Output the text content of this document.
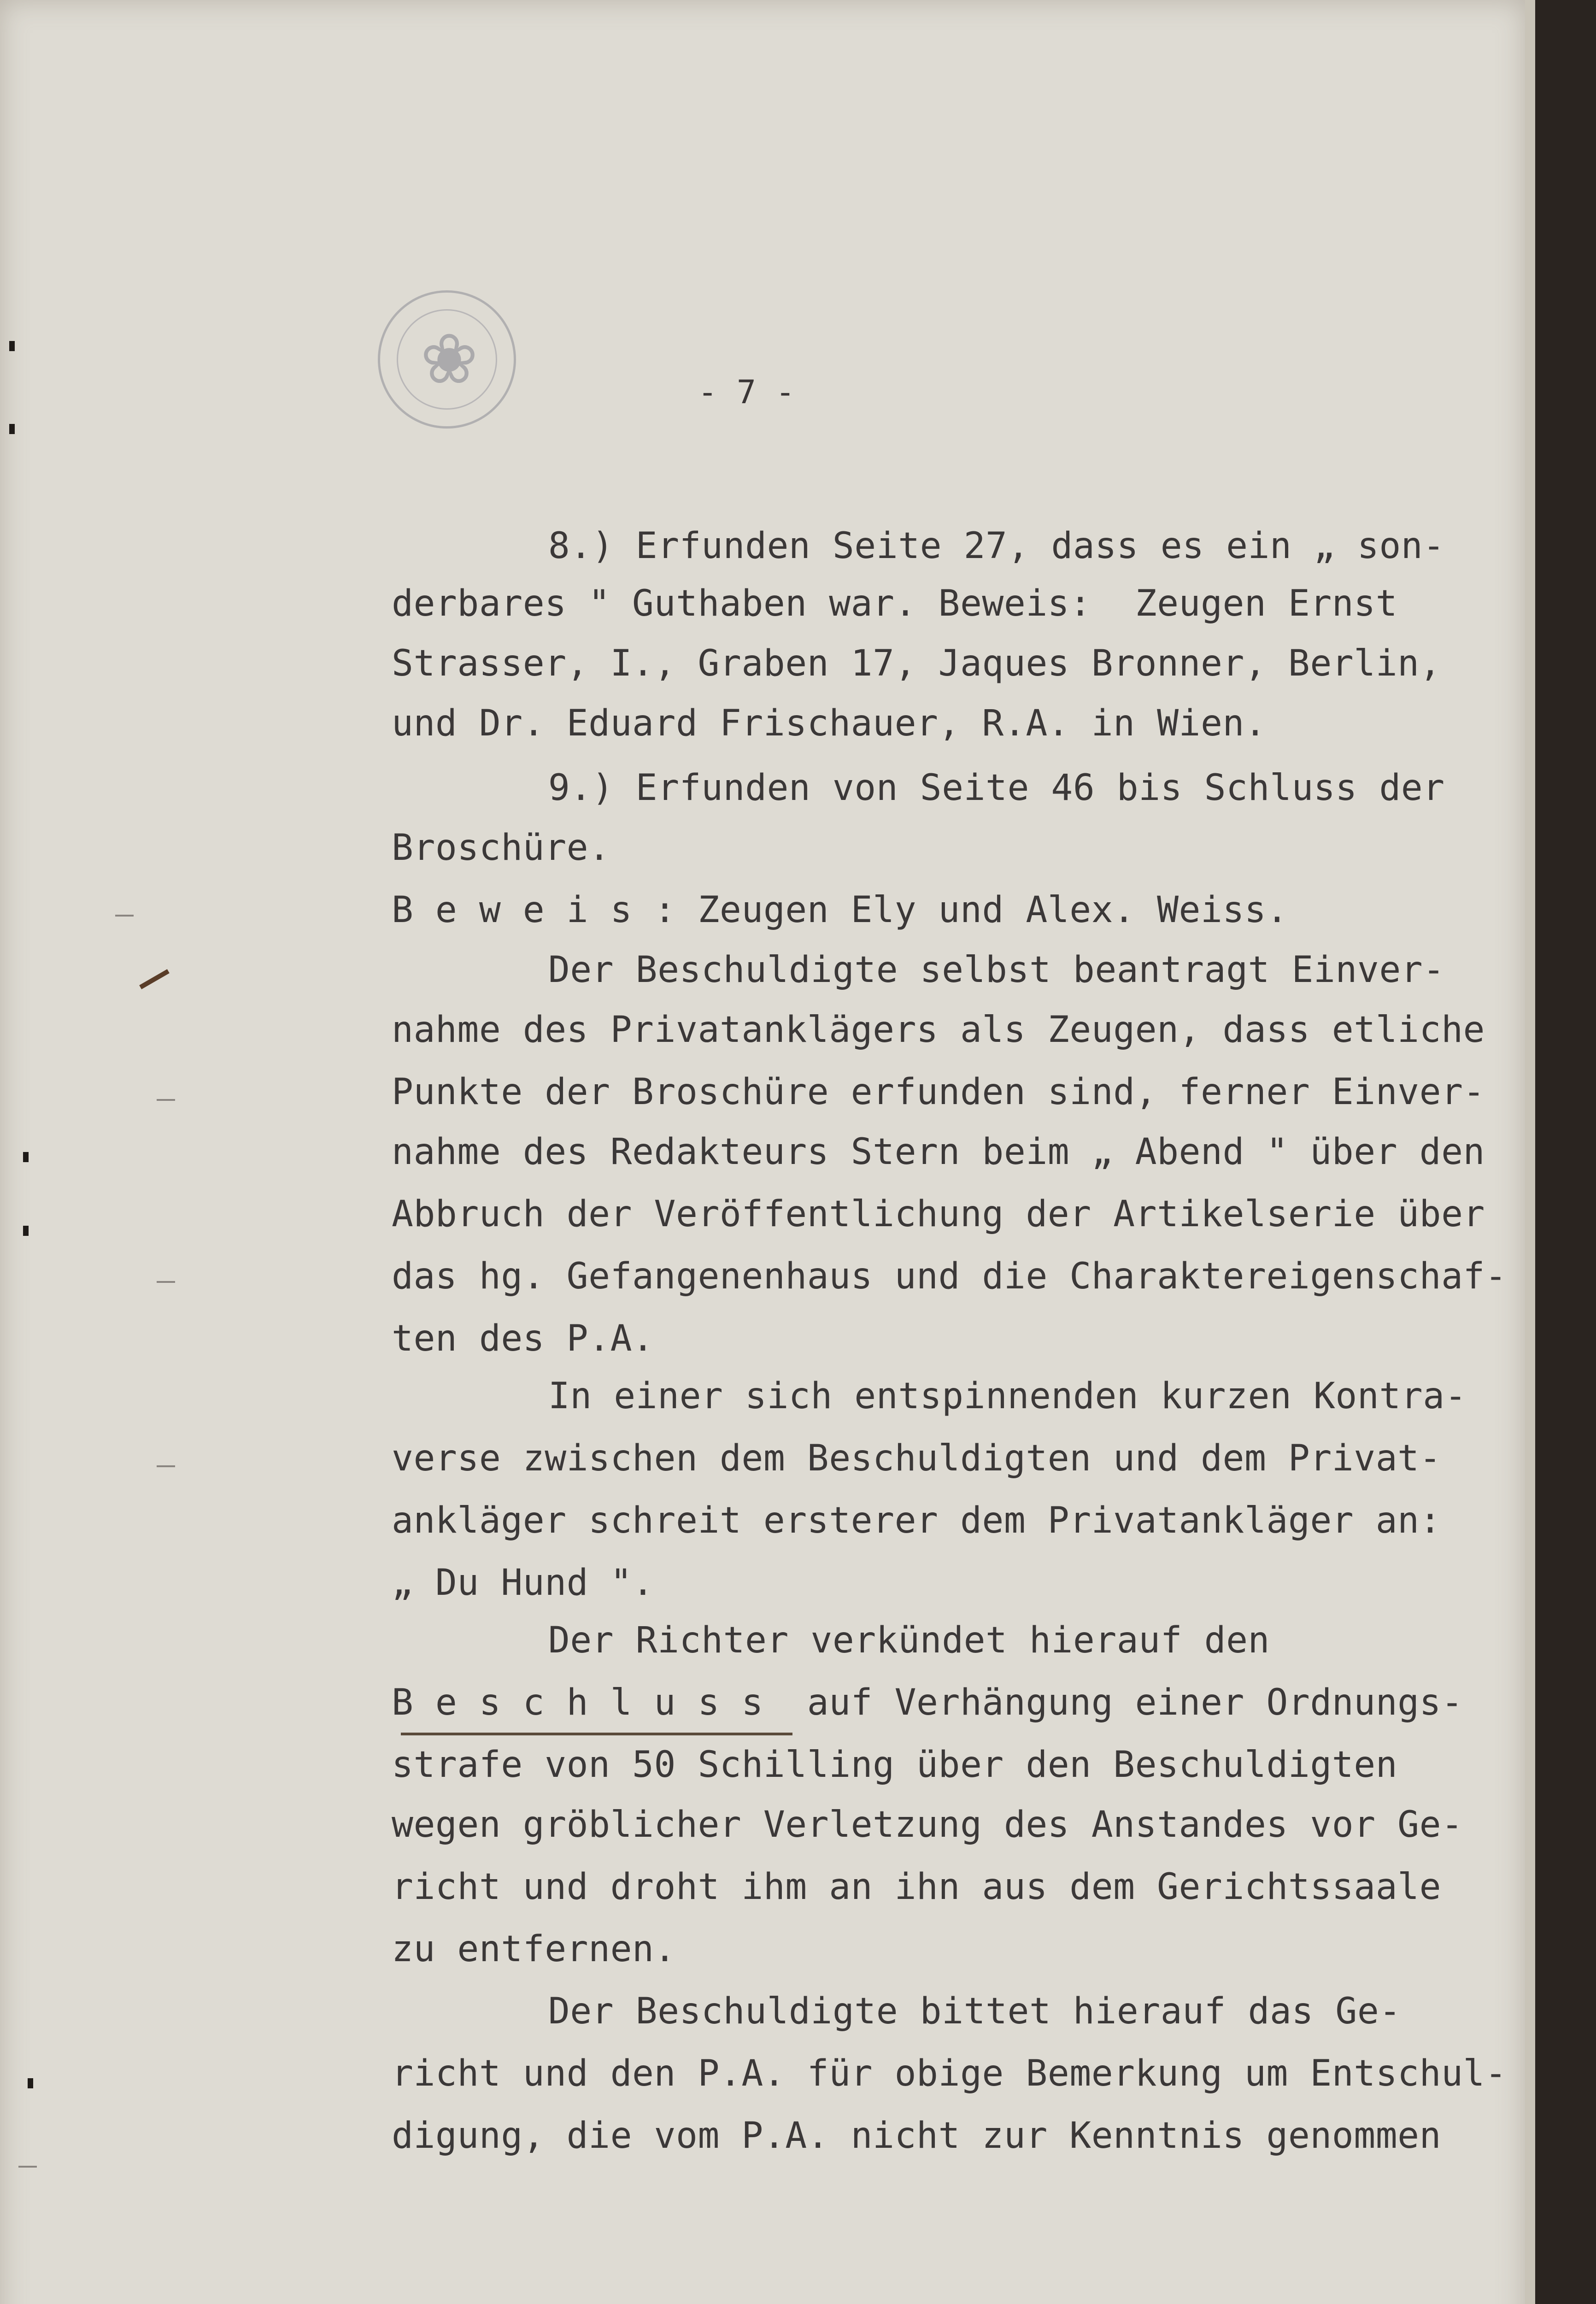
❀	- 7 -
8.) Erfunden Seite 27, dass es ein „ son-
derbares " Guthaben war. Beweis:  Zeugen Ernst
Strasser, I., Graben 17, Jaques Bronner, Berlin,
und Dr. Eduard Frischauer, R.A. in Wien.
9.) Erfunden von Seite 46 bis Schluss der
Broschüre.
B e w e i s : Zeugen Ely und Alex. Weiss.
Der Beschuldigte selbst beantragt Einver-
nahme des Privatanklägers als Zeugen, dass etliche
Punkte der Broschüre erfunden sind, ferner Einver-
nahme des Redakteurs Stern beim „ Abend " über den
Abbruch der Veröffentlichung der Artikelserie über
das hg. Gefangenenhaus und die Charaktereigenschaf-
ten des P.A.
In einer sich entspinnenden kurzen Kontra-
verse zwischen dem Beschuldigten und dem Privat-
ankläger schreit ersterer dem Privatankläger an:
„ Du Hund ".
Der Richter verkündet hierauf den
B e s c h l u s s  auf Verhängung einer Ordnungs-
strafe von 50 Schilling über den Beschuldigten
wegen gröblicher Verletzung des Anstandes vor Ge-
richt und droht ihm an ihn aus dem Gerichtssaale
zu entfernen.
Der Beschuldigte bittet hierauf das Ge-
richt und den P.A. für obige Bemerkung um Entschul-
digung, die vom P.A. nicht zur Kenntnis genommen
